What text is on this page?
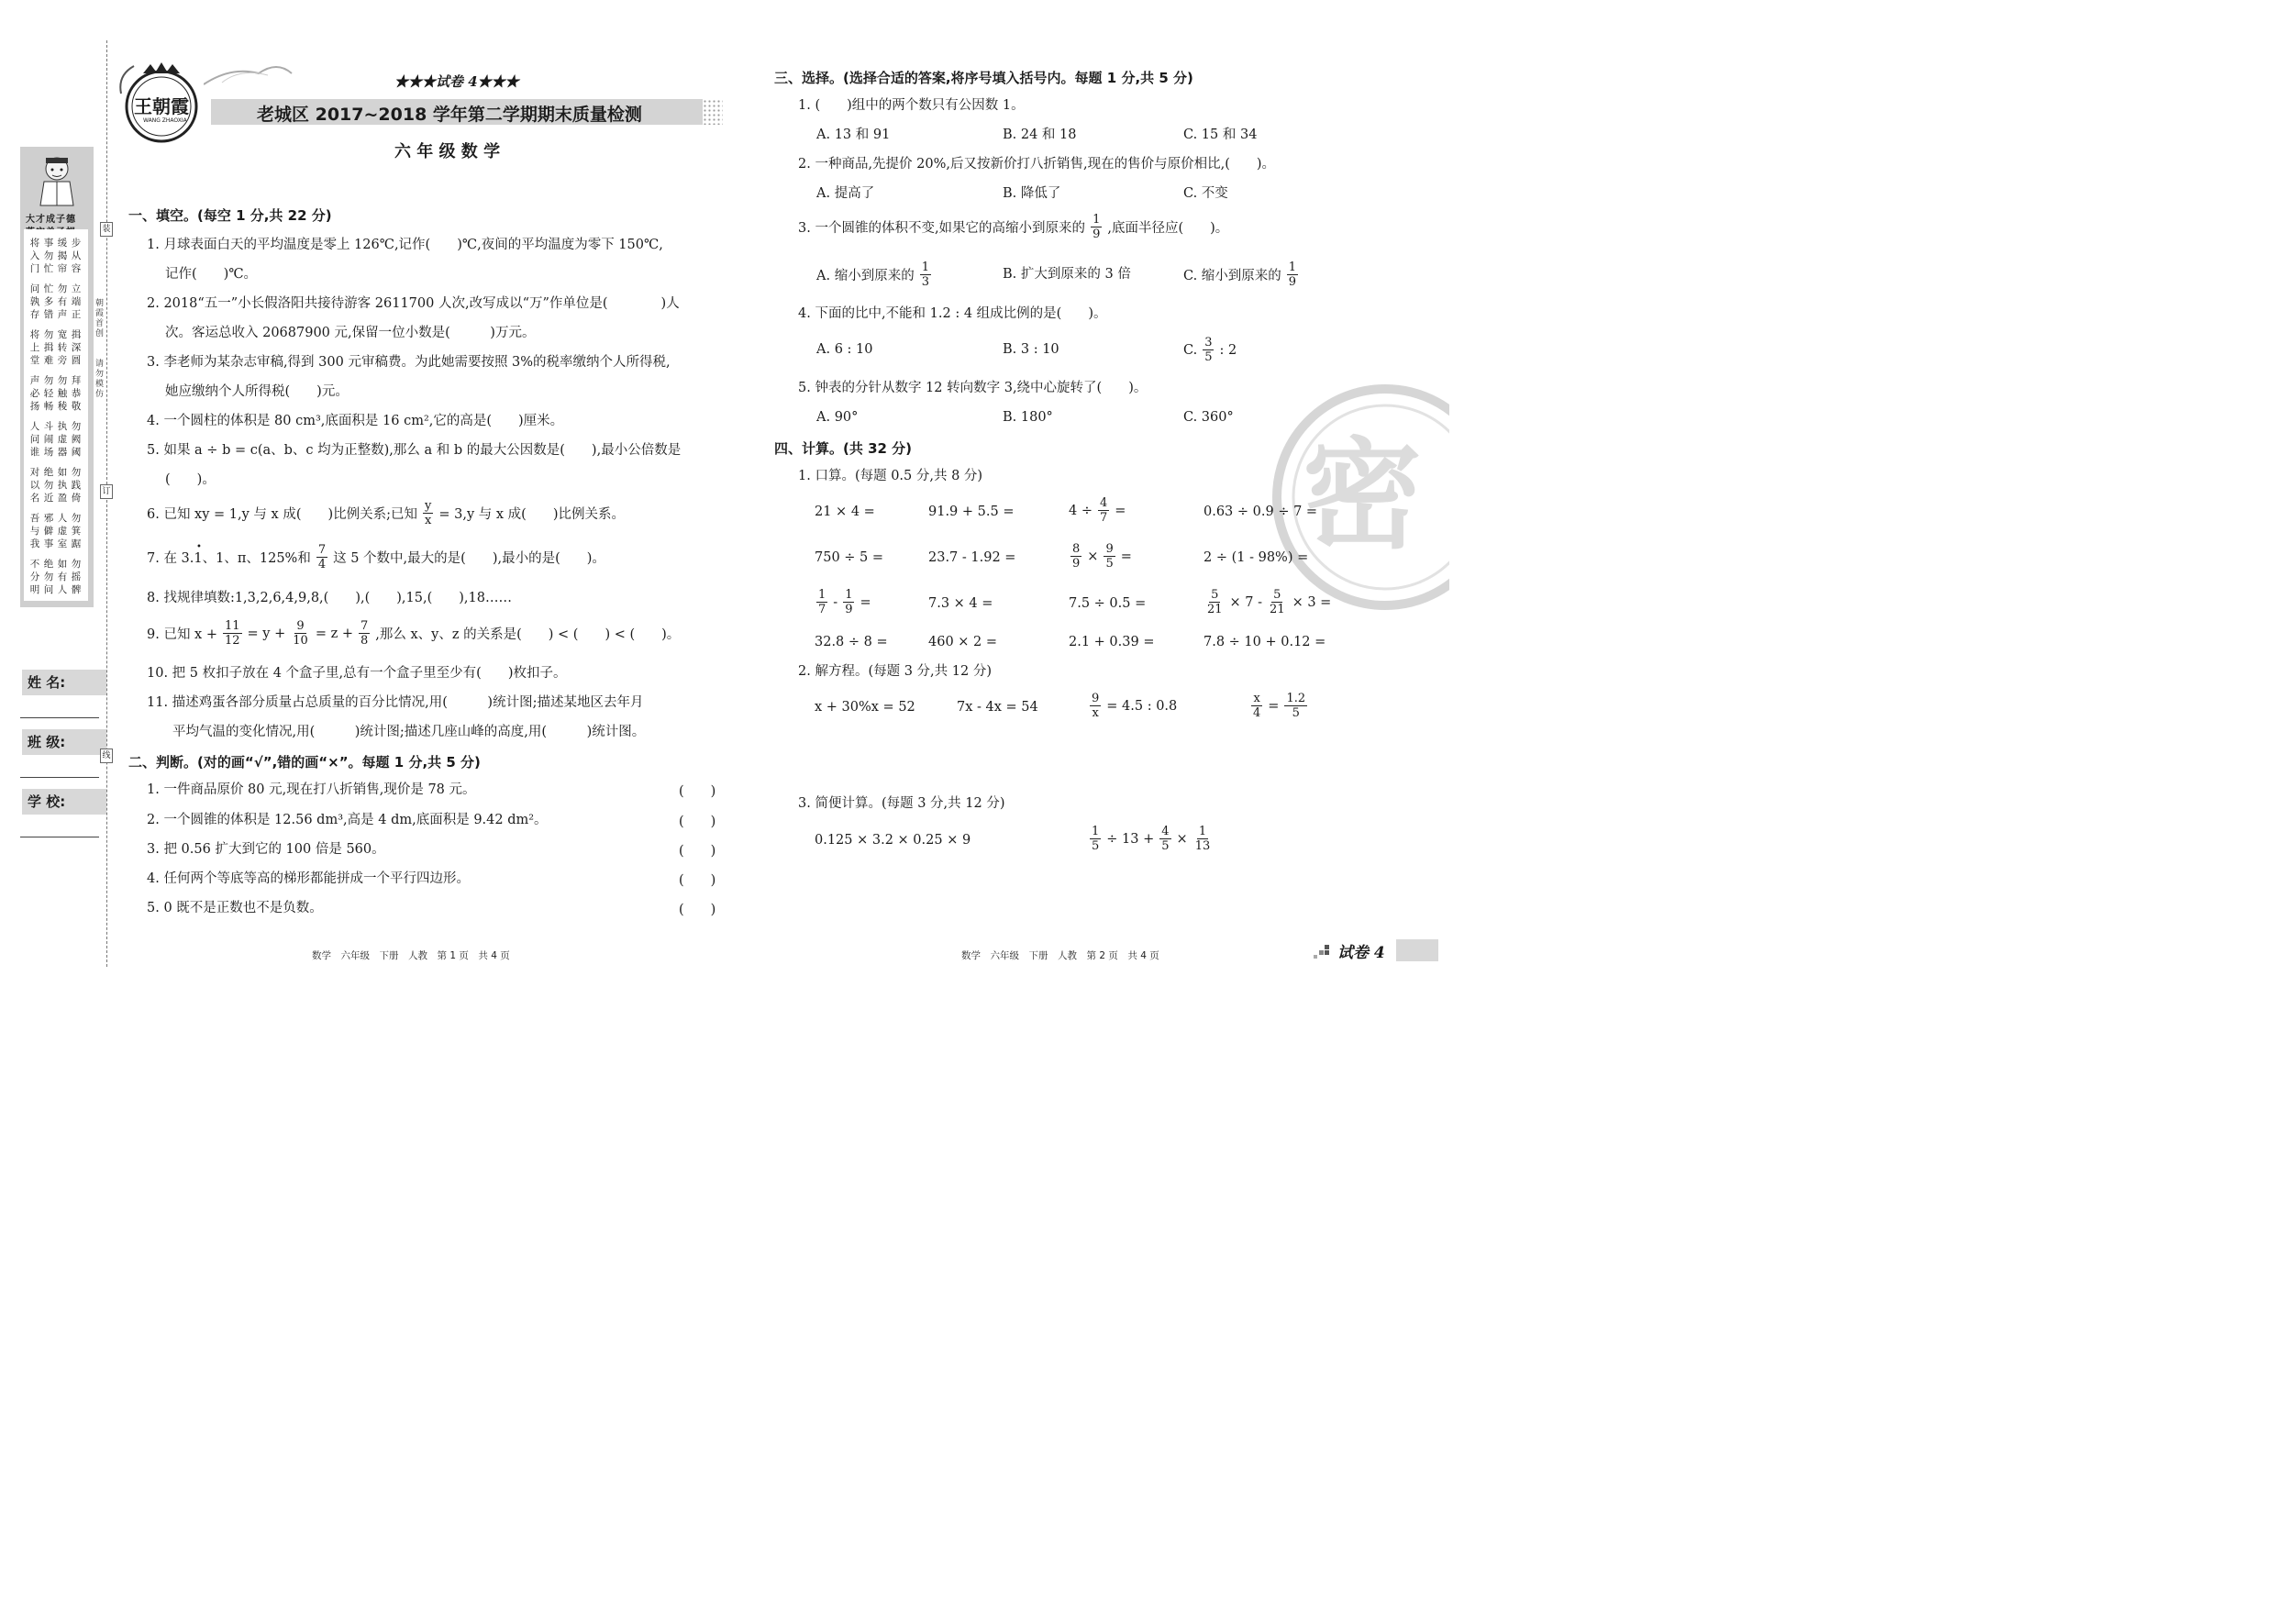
大才成子德
将入门
事勿忙
缓揭帘
步从容
问孰存
忙多错
勿有声
立端正
将上堂
勿揖难
宽转旁
揖深圆
声必扬
勿轻畅
勿触稜
拜恭敬
人问谁
斗闹场
执虚器
勿阙阈
对以名
绝勿近
如执盈
勿践倚
吾与我
邪僻事
人虚室
勿箕踞
不分明
绝勿问
如有人
勿摇髀
姓 名:
班 级:
学 校:
装
订
线
朝霞首创
请勿模仿
王朝霞
WANG ZHAOXIA
★★★试卷 4★★★
老城区 2017~2018 学年第二学期期末质量检测
六 年 级 数 学
一、填空。(每空 1 分,共 22 分)
1. 月球表面白天的平均温度是零上 126℃,记作(　　)℃,夜间的平均温度为零下 150℃,
记作(　　)℃。
2. 2018“五一”小长假洛阳共接待游客 2611700 人次,改写成以“万”作单位是(　　　　)人
次。客运总收入 20687900 元,保留一位小数是(　　　)万元。
3. 李老师为某杂志审稿,得到 300 元审稿费。为此她需要按照 3%的税率缴纳个人所得税,
她应缴纳个人所得税(　　)元。
4. 一个圆柱的体积是 80 cm³,底面积是 16 cm²,它的高是(　　)厘米。
5. 如果 a ÷ b = c(a、b、c 均为正整数),那么 a 和 b 的最大公因数是(　　),最小公倍数是
(　　)。
6. 已知 xy = 1,y 与 x 成(　　)比例关系;已知 $\frac{y}{x} = 3,y$ 与 x 成(　　)比例关系。
•
7. 在 3.1、1、π、125%和 $\frac{7}{4}$ 这 5 个数中,最大的是(　　),最小的是(　　)。
8. 找规律填数:1,3,2,6,4,9,8,(　　),(　　),15,(　　),18……
9. 已知 $x + \frac{11}{12} = y + \frac{9}{10} = z + \frac{7}{8}$ ,那么 x、y、z 的关系是(　　) < (　　) < (　　)。
10. 把 5 枚扣子放在 4 个盒子里,总有一个盒子里至少有(　　)枚扣子。
11. 描述鸡蛋各部分质量占总质量的百分比情况,用(　　　)统计图;描述某地区去年月
平均气温的变化情况,用(　　　)统计图;描述几座山峰的高度,用(　　　)统计图。
二、判断。(对的画“√”,错的画“×”。每题 1 分,共 5 分)
1. 一件商品原价 80 元,现在打八折销售,现价是 78 元。
2. 一个圆锥的体积是 12.56 dm³,高是 4 dm,底面积是 9.42 dm²。
3. 把 0.56 扩大到它的 100 倍是 560。
4. 任何两个等底等高的梯形都能拼成一个平行四边形。
5. 0 既不是正数也不是负数。
(　　)
(　　)
(　　)
(　　)
(　　)
数学　六年级　下册　人教　第 1 页　共 4 页
密
三、选择。(选择合适的答案,将序号填入括号内。每题 1 分,共 5 分)
1. (　　)组中的两个数只有公因数 1。
A. 13 和 91	B. 24 和 18	C. 15 和 34
2. 一种商品,先提价 20%,后又按新价打八折销售,现在的售价与原价相比,(　　)。
A. 提高了	B. 降低了	C. 不变
3. 一个圆锥的体积不变,如果它的高缩小到原来的 $\frac{1}{9}$ ,底面半径应(　　)。
A. 缩小到原来的 $\frac{1}{3}$	B. 扩大到原来的 3 倍	C. 缩小到原来的 $\frac{1}{9}$
4. 下面的比中,不能和 1.2 : 4 组成比例的是(　　)。
A. 6 : 10	B. 3 : 10	C. $\frac{3}{5}$ : 2
5. 钟表的分针从数字 12 转向数字 3,绕中心旋转了(　　)。
A. 90°	B. 180°	C. 360°
四、计算。(共 32 分)
1. 口算。(每题 0.5 分,共 8 分)
21 × 4 =	91.9 + 5.5 =	$4 \div \frac{4}{7}$ =	0.63 ÷ 0.9 ÷ 7 =
750 ÷ 5 =	23.7 - 1.92 =	$\frac{8}{9} \times \frac{9}{5}$ =	2 ÷ (1 - 98%) =
$\frac{1}{7} - \frac{1}{9}$ =	7.3 × 4 =	7.5 ÷ 0.5 =	$\frac{5}{21} \times 7 - \frac{5}{21} \times 3$ =
32.8 ÷ 8 =	460 × 2 =	2.1 + 0.39 =	7.8 ÷ 10 + 0.12 =
2. 解方程。(每题 3 分,共 12 分)
x + 30%x = 52	7x - 4x = 54	$\frac{9}{x} = 4.5$ : 0.8	$\frac{x}{4} = \frac{1.2}{5}$
3. 简便计算。(每题 3 分,共 12 分)
0.125 × 3.2 × 0.25 × 9	$\frac{1}{5} \div 13 + \frac{4}{5} \times \frac{1}{13}$
数学　六年级　下册　人教　第 2 页　共 4 页	试卷 4
